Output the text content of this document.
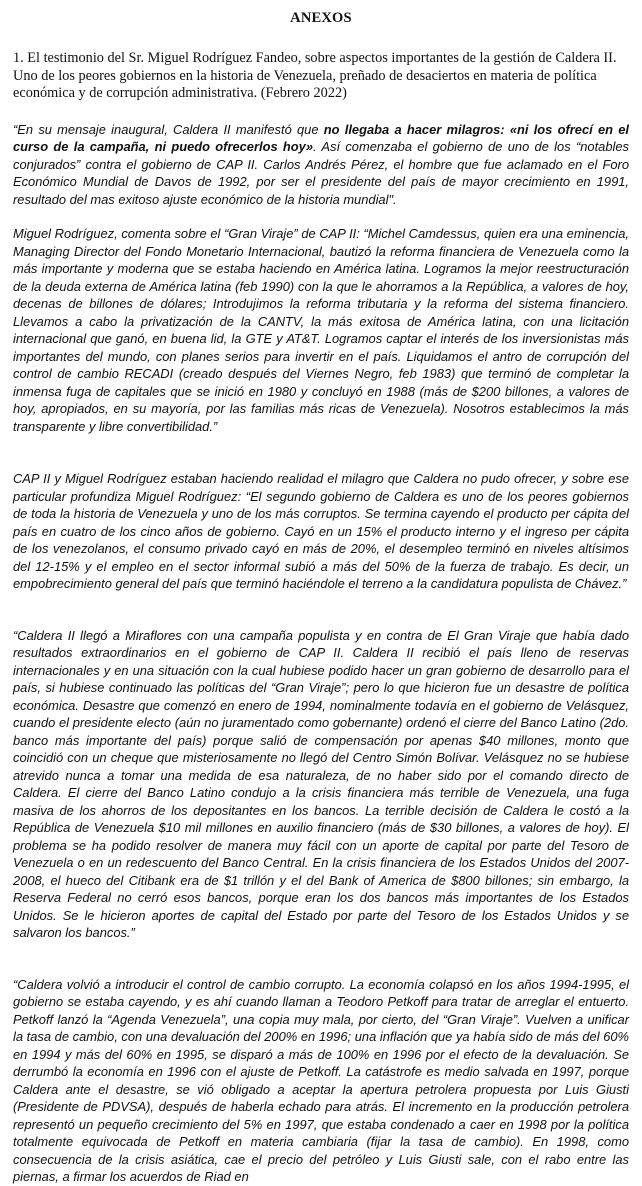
ANEXOS

1. El testimonio del Sr. Miguel Rodríguez Fandeo, sobre aspectos importantes de la gestión de Caldera II. Uno de los peores gobiernos en la historia de Venezuela, preñado de desaciertos en materia de política económica y de corrupción administrativa. (Febrero 2022)

“En su mensaje inaugural, Caldera II manifestó que no llegaba a hacer milagros: «ni los ofrecí en el curso de la campaña, ni puedo ofrecerlos hoy». Así comenzaba el gobierno de uno de los “notables conjurados” contra el gobierno de CAP II. Carlos Andrés Pérez, el hombre que fue aclamado en el Foro Económico Mundial de Davos de 1992, por ser el presidente del país de mayor crecimiento en 1991, resultado del mas exitoso ajuste económico de la historia mundial".

Miguel Rodríguez, comenta sobre el “Gran Viraje” de CAP II: “Michel Camdessus, quien era una eminencia, Managing Director del Fondo Monetario Internacional, bautizó la reforma financiera de Venezuela como la más importante y moderna que se estaba haciendo en América latina. Logramos la mejor reestructuración de la deuda externa de América latina (feb 1990) con la que le ahorramos a la República, a valores de hoy, decenas de billones de dólares; Introdujimos la reforma tributaria y la reforma del sistema financiero. Llevamos a cabo la privatización de la CANTV, la más exitosa de América latina, con una licitación internacional que ganó, en buena lid, la GTE y AT&T. Logramos captar el interés de los inversionistas más importantes del mundo, con planes serios para invertir en el país. Liquidamos el antro de corrupción del control de cambio RECADI (creado después del Viernes Negro, feb 1983) que terminó de completar la inmensa fuga de capitales que se inició en 1980 y concluyó en 1988 (más de $200 billones, a valores de hoy, apropiados, en su mayoría, por las familias más ricas de Venezuela). Nosotros establecimos la más transparente y libre convertibilidad.”

CAP II y Miguel Rodríguez estaban haciendo realidad el milagro que Caldera no pudo ofrecer, y sobre ese particular profundiza Miguel Rodríguez: “El segundo gobierno de Caldera es uno de los peores gobiernos de toda la historia de Venezuela y uno de los más corruptos. Se termina cayendo el producto per cápita del país en cuatro de los cinco años de gobierno. Cayó en un 15% el producto interno y el ingreso per cápita de los venezolanos, el consumo privado cayó en más de 20%, el desempleo terminó en niveles altísimos del 12-15% y el empleo en el sector informal subió a más del 50% de la fuerza de trabajo. Es decir, un empobrecimiento general del país que terminó haciéndole el terreno a la candidatura populista de Chávez.”

“Caldera II llegó a Miraflores con una campaña populista y en contra de El Gran Viraje que había dado resultados extraordinarios en el gobierno de CAP II. Caldera II recibió el país lleno de reservas internacionales y en una situación con la cual hubiese podido hacer un gran gobierno de desarrollo para el país, si hubiese continuado las políticas del “Gran Viraje”; pero lo que hicieron fue un desastre de política económica. Desastre que comenzó en enero de 1994, nominalmente todavía en el gobierno de Velásquez, cuando el presidente electo (aún no juramentado como gobernante) ordenó el cierre del Banco Latino (2do. banco más importante del país) porque salió de compensación por apenas $40 millones, monto que coincidió con un cheque que misteriosamente no llegó del Centro Simón Bolívar. Velásquez no se hubiese atrevido nunca a tomar una medida de esa naturaleza, de no haber sido por el comando directo de Caldera. El cierre del Banco Latino condujo a la crisis financiera más terrible de Venezuela, una fuga masiva de los ahorros de los depositantes en los bancos. La terrible decisión de Caldera le costó a la República de Venezuela $10 mil millones en auxilio financiero (más de $30 billones, a valores de hoy). El problema se ha podido resolver de manera muy fácil con un aporte de capital por parte del Tesoro de Venezuela o en un redescuento del Banco Central. En la crisis financiera de los Estados Unidos del 2007-2008, el hueco del Citibank era de $1 trillón y el del Bank of America de $800 billones; sin embargo, la Reserva Federal no cerró esos bancos, porque eran los dos bancos más importantes de los Estados Unidos. Se le hicieron aportes de capital del Estado por parte del Tesoro de los Estados Unidos y se salvaron los bancos.”

“Caldera volvió a introducir el control de cambio corrupto. La economía colapsó en los años 1994-1995, el gobierno se estaba cayendo, y es ahí cuando llaman a Teodoro Petkoff para tratar de arreglar el entuerto. Petkoff lanzó la “Agenda Venezuela”, una copia muy mala, por cierto, del “Gran Viraje”. Vuelven a unificar la tasa de cambio, con una devaluación del 200% en 1996; una inflación que ya había sido de más del 60% en 1994 y más del 60% en 1995, se disparó a más de 100% en 1996 por el efecto de la devaluación. Se derrumbó la economía en 1996 con el ajuste de Petkoff. La catástrofe es medio salvada en 1997, porque Caldera ante el desastre, se vió obligado a aceptar la apertura petrolera propuesta por Luis Giusti (Presidente de PDVSA), después de haberla echado para atrás. El incremento en la producción petrolera representó un pequeño crecimiento del 5% en 1997, que estaba condenado a caer en 1998 por la política totalmente equivocada de Petkoff en materia cambiaria (fijar la tasa de cambio). En 1998, como consecuencia de la crisis asiática, cae el precio del petróleo y Luis Giusti sale, con el rabo entre las piernas, a firmar los acuerdos de Riad en
